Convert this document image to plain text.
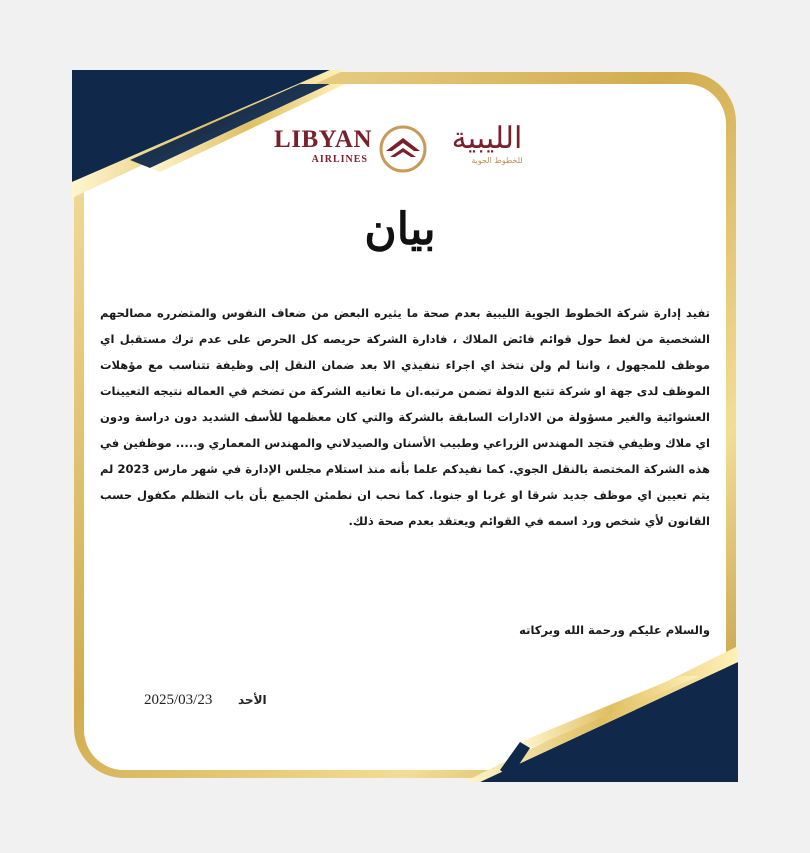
LIBYAN
AIRLINES
الليبية
للخطوط الجوية
بيان

تفيد إدارة شركة الخطوط الجوية الليبية بعدم صحة ما يثيره البعض من ضعاف النفوس والمتضرره مصالحهم الشخصية من لغط حول قوائم فائض الملاك ، فادارة الشركة حريصه كل الحرص على عدم ترك مستقبل اي موظف للمجهول ، واننا لم ولن نتخذ اي اجراء تنفيذي الا بعد ضمان النقل إلى وظيفة تتناسب مع مؤهلات الموظف لدى جهة او شركة تتبع الدولة تضمن مرتبه.ان ما تعانيه الشركة من تضخم في العماله نتيجه التعيينات العشوائية والغير مسؤولة من الادارات السابقة بالشركة والتي كان معظمها للأسف الشديد دون دراسة ودون اي ملاك وظيفي فتجد المهندس الزراعي وطبيب الأسنان والصيدلاني والمهندس المعماري و..... موظفين في هذه الشركة المختصة بالنقل الجوي. كما نفيدكم علما بأنه منذ استلام مجلس الإدارة في شهر مارس 2023 لم يتم تعيين اي موظف جديد شرقا او غربا او جنوبا. كما نحب ان نطمئن الجميع بأن باب التظلم مكفول حسب القانون لأي شخص ورد اسمه في القوائم ويعتقد بعدم صحة ذلك.

والسلام عليكم ورحمة الله وبركاته
2025/03/23 الأحد
